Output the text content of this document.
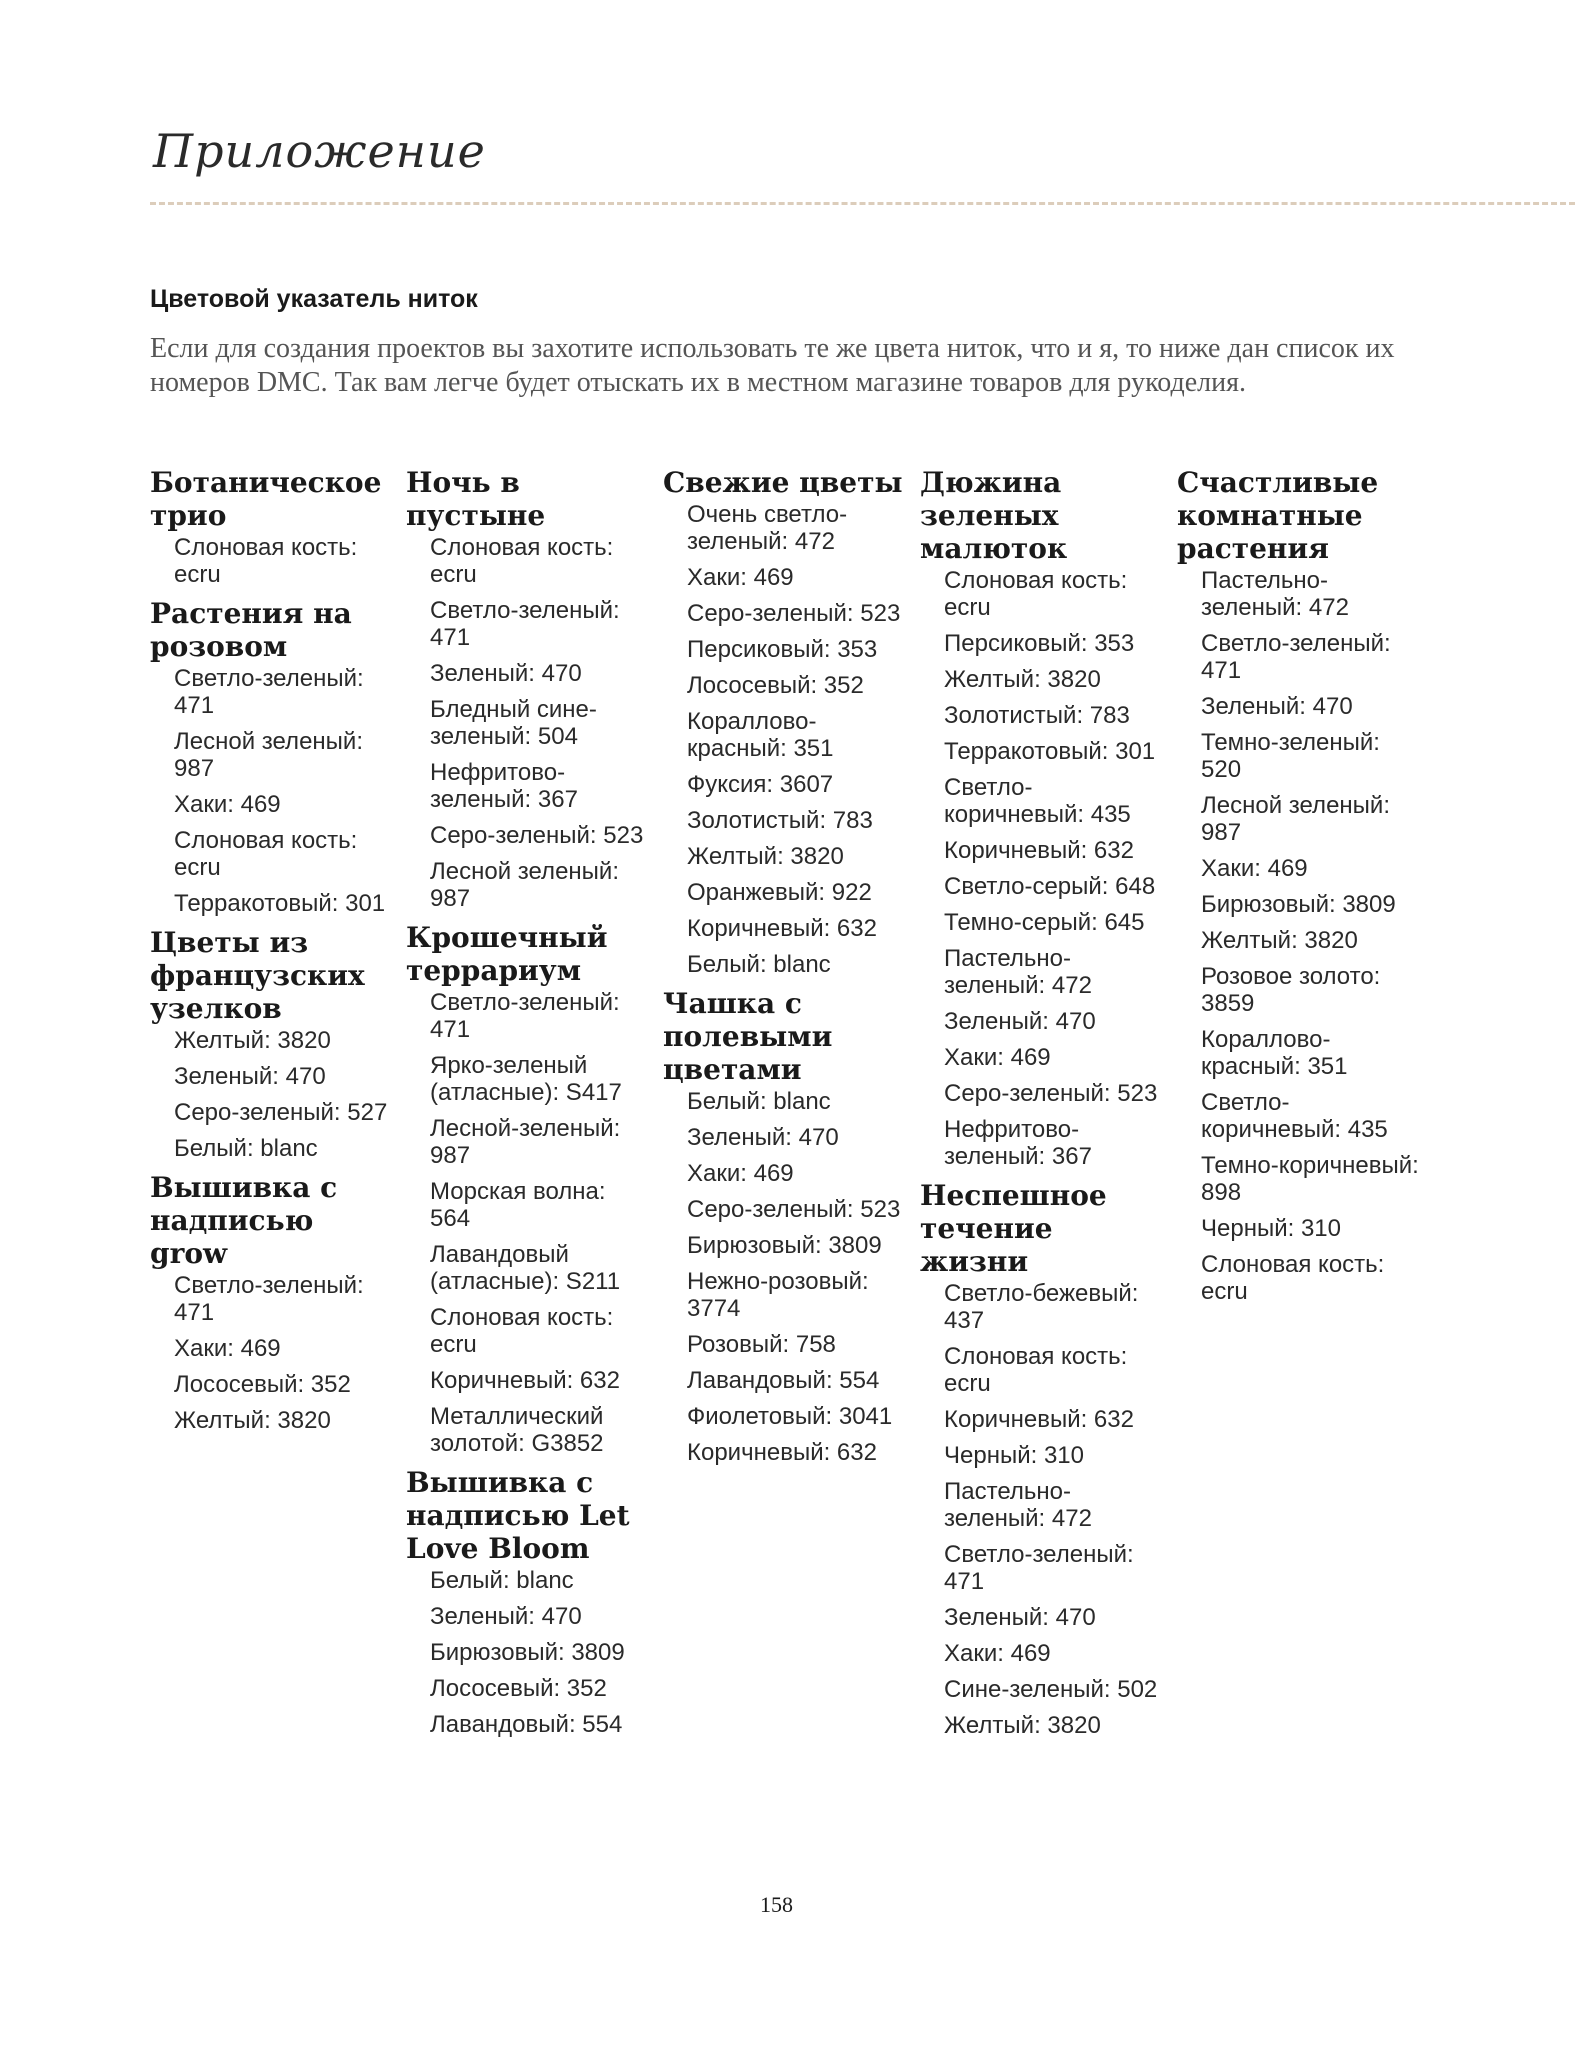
Приложение
Цветовой указатель ниток
Если для создания проектов вы захотите использовать те же цвета ниток, что и я, то ниже дан список их номеров DMC. Так вам легче будет отыскать их в местном магазине товаров для рукоделия.
Ботаническое трио
Слоновая кость: ecru
Растения на розовом
Светло-зеленый: 471
Лесной зеленый: 987
Хаки: 469
Слоновая кость: ecru
Терракотовый: 301
Цветы из французских узелков
Желтый: 3820
Зеленый: 470
Серо-зеленый: 527
Белый: blanc
Вышивка с надписью grow
Светло-зеленый: 471
Хаки: 469
Лососевый: 352
Желтый: 3820
Ночь в пустыне
Слоновая кость: ecru
Светло-зеленый: 471
Зеленый: 470
Бледный сине-зеленый: 504
Нефритово-зеленый: 367
Серо-зеленый: 523
Лесной зеленый: 987
Крошечный террариум
Светло-зеленый: 471
Ярко-зеленый (атласные): S417
Лесной-зеленый: 987
Морская волна: 564
Лавандовый (атласные): S211
Слоновая кость: ecru
Коричневый: 632
Металлический золотой: G3852
Вышивка с надписью Let Love Bloom
Белый: blanc
Зеленый: 470
Бирюзовый: 3809
Лососевый: 352
Лавандовый: 554
Свежие цветы
Очень светло-зеленый: 472
Хаки: 469
Серо-зеленый: 523
Персиковый: 353
Лососевый: 352
Кораллово-красный: 351
Фуксия: 3607
Золотистый: 783
Желтый: 3820
Оранжевый: 922
Коричневый: 632
Белый: blanc
Чашка с полевыми цветами
Белый: blanc
Зеленый: 470
Хаки: 469
Серо-зеленый: 523
Бирюзовый: 3809
Нежно-розовый: 3774
Розовый: 758
Лавандовый: 554
Фиолетовый: 3041
Коричневый: 632
Дюжина зеленых малюток
Слоновая кость: ecru
Персиковый: 353
Желтый: 3820
Золотистый: 783
Терракотовый: 301
Светло-коричневый: 435
Коричневый: 632
Светло-серый: 648
Темно-серый: 645
Пастельно-зеленый: 472
Зеленый: 470
Хаки: 469
Серо-зеленый: 523
Нефритово-зеленый: 367
Неспешное течение жизни
Светло-бежевый: 437
Слоновая кость: ecru
Коричневый: 632
Черный: 310
Пастельно-зеленый: 472
Светло-зеленый: 471
Зеленый: 470
Хаки: 469
Сине-зеленый: 502
Желтый: 3820
Счастливые комнатные растения
Пастельно-зеленый: 472
Светло-зеленый: 471
Зеленый: 470
Темно-зеленый: 520
Лесной зеленый: 987
Хаки: 469
Бирюзовый: 3809
Желтый: 3820
Розовое золото: 3859
Кораллово-красный: 351
Светло-коричневый: 435
Темно-коричневый: 898
Черный: 310
Слоновая кость: ecru
158
